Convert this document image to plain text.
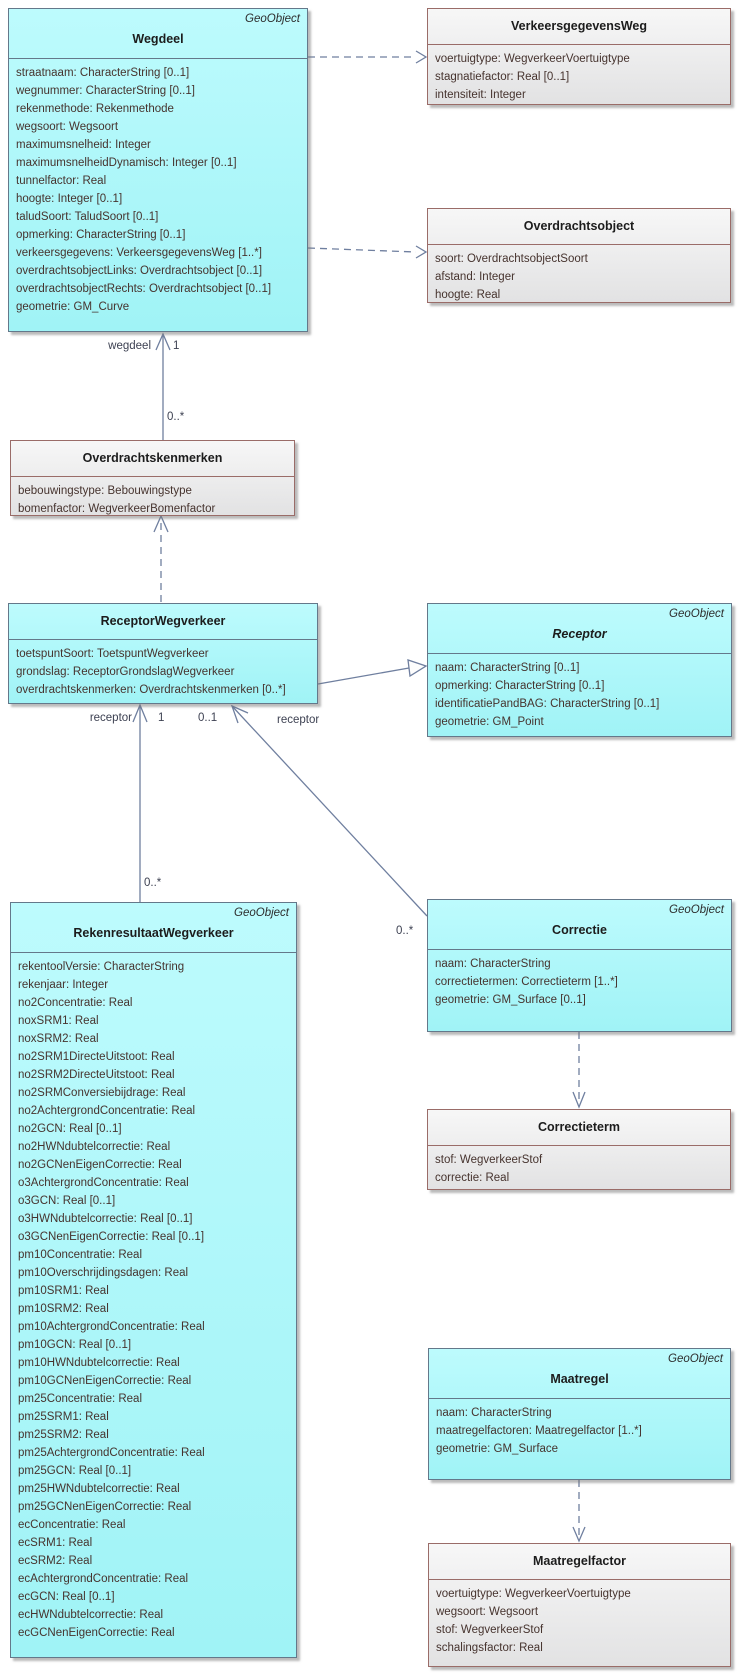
GeoObject
Wegdeel
straatnaam: CharacterString [0..1]
wegnummer: CharacterString [0..1]
rekenmethode: Rekenmethode
wegsoort: Wegsoort
maximumsnelheid: Integer
maximumsnelheidDynamisch: Integer [0..1]
tunnelfactor: Real
hoogte: Integer [0..1]
taludSoort: TaludSoort [0..1]
opmerking: CharacterString [0..1]
verkeersgegevens: VerkeersgegevensWeg [1..*]
overdrachtsobjectLinks: Overdrachtsobject [0..1]
overdrachtsobjectRechts: Overdrachtsobject [0..1]
geometrie: GM_Curve
VerkeersgegevensWeg
voertuigtype: WegverkeerVoertuigtype
stagnatiefactor: Real [0..1]
intensiteit: Integer
Overdrachtsobject
soort: OverdrachtsobjectSoort
afstand: Integer
hoogte: Real
Overdrachtskenmerken
bebouwingstype: Bebouwingstype
bomenfactor: WegverkeerBomenfactor
ReceptorWegverkeer
toetspuntSoort: ToetspuntWegverkeer
grondslag: ReceptorGrondslagWegverkeer
overdrachtskenmerken: Overdrachtskenmerken [0..*]
GeoObject
Receptor
naam: CharacterString [0..1]
opmerking: CharacterString [0..1]
identificatiePandBAG: CharacterString [0..1]
geometrie: GM_Point
GeoObject
RekenresultaatWegverkeer
rekentoolVersie: CharacterString
rekenjaar: Integer
no2Concentratie: Real
noxSRM1: Real
noxSRM2: Real
no2SRM1DirecteUitstoot: Real
no2SRM2DirecteUitstoot: Real
no2SRMConversiebijdrage: Real
no2AchtergrondConcentratie: Real
no2GCN: Real [0..1]
no2HWNdubtelcorrectie: Real
no2GCNenEigenCorrectie: Real
o3AchtergrondConcentratie: Real
o3GCN: Real [0..1]
o3HWNdubtelcorrectie: Real [0..1]
o3GCNenEigenCorrectie: Real [0..1]
pm10Concentratie: Real
pm10Overschrijdingsdagen: Real
pm10SRM1: Real
pm10SRM2: Real
pm10AchtergrondConcentratie: Real
pm10GCN: Real [0..1]
pm10HWNdubtelcorrectie: Real
pm10GCNenEigenCorrectie: Real
pm25Concentratie: Real
pm25SRM1: Real
pm25SRM2: Real
pm25AchtergrondConcentratie: Real
pm25GCN: Real [0..1]
pm25HWNdubtelcorrectie: Real
pm25GCNenEigenCorrectie: Real
ecConcentratie: Real
ecSRM1: Real
ecSRM2: Real
ecAchtergrondConcentratie: Real
ecGCN: Real [0..1]
ecHWNdubtelcorrectie: Real
ecGCNenEigenCorrectie: Real
GeoObject
Correctie
naam: CharacterString
correctietermen: Correctieterm [1..*]
geometrie: GM_Surface [0..1]
Correctieterm
stof: WegverkeerStof
correctie: Real
GeoObject
Maatregel
naam: CharacterString
maatregelfactoren: Maatregelfactor [1..*]
geometrie: GM_Surface
Maatregelfactor
voertuigtype: WegverkeerVoertuigtype
wegsoort: Wegsoort
stof: WegverkeerStof
schalingsfactor: Real
wegdeel 1
0..*
receptor 1
0..*
0..1	receptor
0..*
